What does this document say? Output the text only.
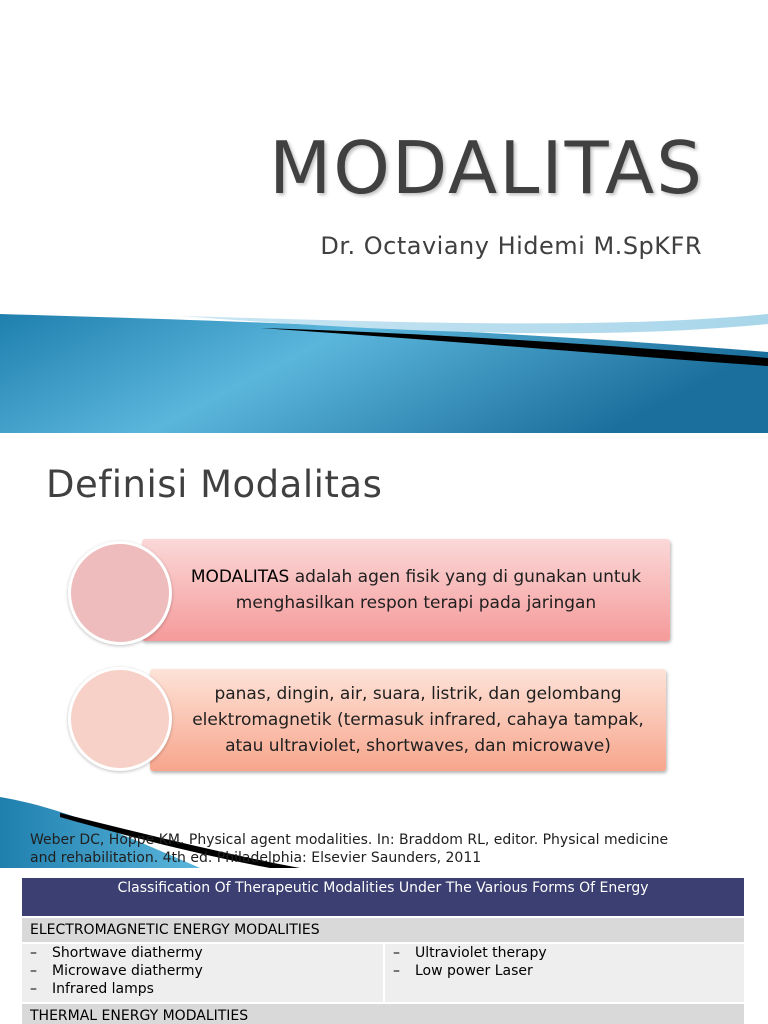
MODALITAS
Dr. Octaviany Hidemi M.SpKFR
Definisi Modalitas
MODALITAS adalah agen fisik yang di gunakan untuk
menghasilkan respon terapi pada jaringan
panas, dingin, air, suara, listrik, dan gelombang
elektromagnetik (termasuk infrared, cahaya tampak,
atau ultraviolet, shortwaves, dan microwave)
Weber DC, Hoppe KM. Physical agent modalities. In: Braddom RL, editor. Physical medicine
and rehabilitation. 4th ed. Philadelphia: Elsevier Saunders, 2011
Classification Of Therapeutic Modalities Under The Various Forms Of Energy
ELECTROMAGNETIC ENERGY MODALITIES
– Shortwave diathermy
– Microwave diathermy
– Infrared lamps
– Ultraviolet therapy
– Low power Laser
THERMAL ENERGY MODALITIES
